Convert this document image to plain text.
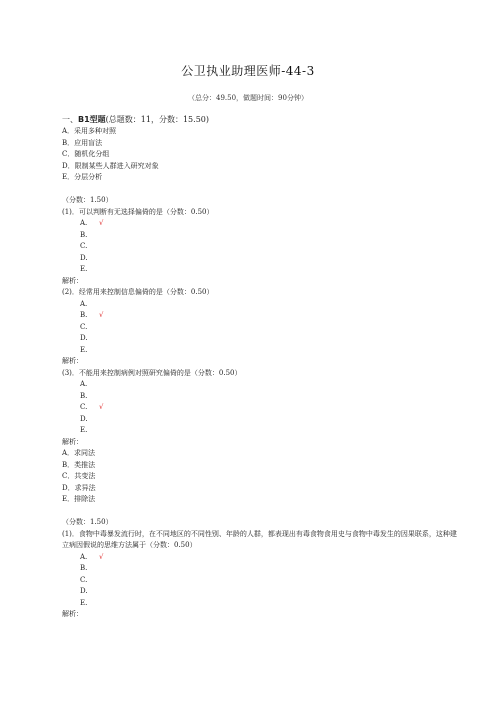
公卫执业助理医师-44-3
（总分：49.50，做题时间：90分钟）
一、B1型题(总题数：11，分数：15.50)
A．采用多种对照
B．应用盲法
C．随机化分组
D．限制某些人群进入研究对象
E．分层分析
（分数：1.50）
(1)．可以判断有无选择偏倚的是（分数：0.50）
A. √
B.
C.
D.
E.
解析：
(2)．经常用来控制信息偏倚的是（分数：0.50）
A.
B. √
C.
D.
E.
解析：
(3)．不能用来控制病例对照研究偏倚的是（分数：0.50）
A.
B.
C. √
D.
E.
解析：
A．求同法
B．类推法
C．共变法
D．求异法
E．排除法
（分数：1.50）
(1)．食物中毒暴发流行时，在不同地区的不同性别、年龄的人群，都表现出有毒食物食用史与食物中毒发生的因果联系，这种建立病因假说的思维方法属于（分数：0.50）
A. √
B.
C.
D.
E.
解析：
